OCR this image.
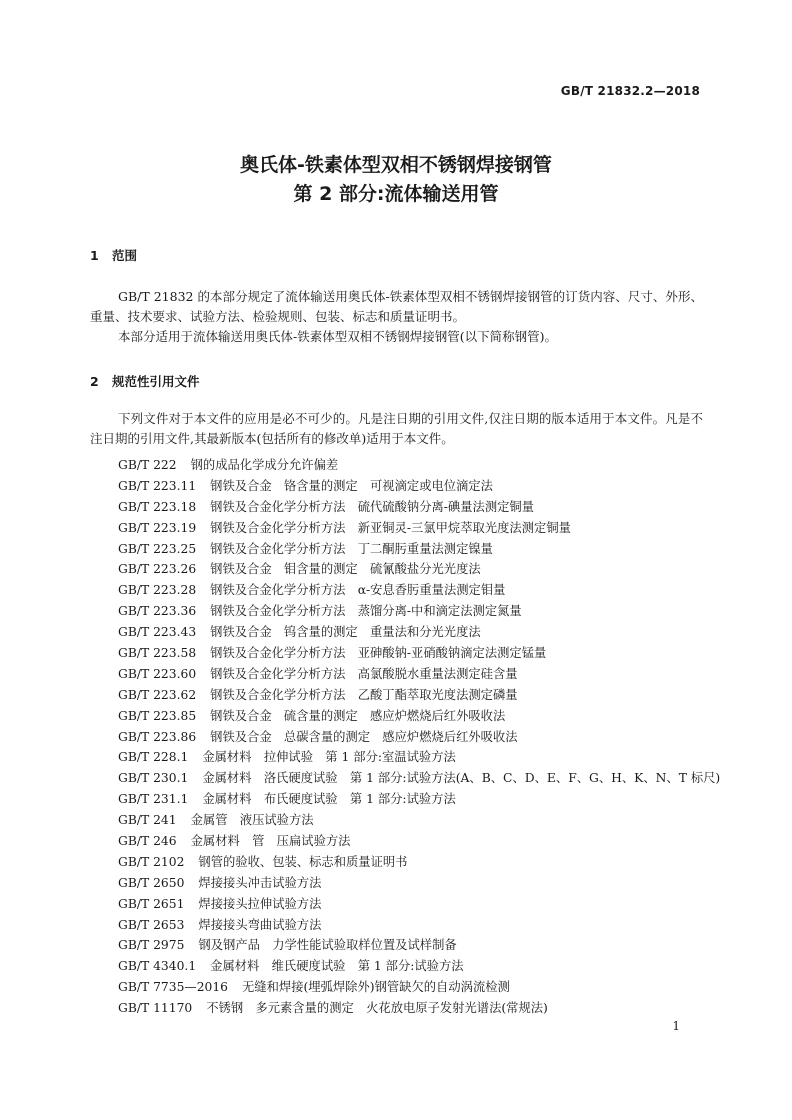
GB/T 21832.2—2018
奥氏体-铁素体型双相不锈钢焊接钢管
第 2 部分:流体输送用管
1 范围

GB/T 21832 的本部分规定了流体输送用奥氏体-铁素体型双相不锈钢焊接钢管的订货内容、尺寸、外形、重量、技术要求、试验方法、检验规则、包装、标志和质量证明书。

本部分适用于流体输送用奥氏体-铁素体型双相不锈钢焊接钢管(以下简称钢管)。

2 规范性引用文件

下列文件对于本文件的应用是必不可少的。凡是注日期的引用文件,仅注日期的版本适用于本文件。凡是不注日期的引用文件,其最新版本(包括所有的修改单)适用于本文件。

GB/T 222 钢的成品化学成分允许偏差
GB/T 223.11 钢铁及合金　铬含量的测定　可视滴定或电位滴定法
GB/T 223.18 钢铁及合金化学分析方法　硫代硫酸钠分离-碘量法测定铜量
GB/T 223.19 钢铁及合金化学分析方法　新亚铜灵-三氯甲烷萃取光度法测定铜量
GB/T 223.25 钢铁及合金化学分析方法　丁二酮肟重量法测定镍量
GB/T 223.26 钢铁及合金　钼含量的测定　硫氰酸盐分光光度法
GB/T 223.28 钢铁及合金化学分析方法　α-安息香肟重量法测定钼量
GB/T 223.36 钢铁及合金化学分析方法　蒸馏分离-中和滴定法测定氮量
GB/T 223.43 钢铁及合金　钨含量的测定　重量法和分光光度法
GB/T 223.58 钢铁及合金化学分析方法　亚砷酸钠-亚硝酸钠滴定法测定锰量
GB/T 223.60 钢铁及合金化学分析方法　高氯酸脱水重量法测定硅含量
GB/T 223.62 钢铁及合金化学分析方法　乙酸丁酯萃取光度法测定磷量
GB/T 223.85 钢铁及合金　硫含量的测定　感应炉燃烧后红外吸收法
GB/T 223.86 钢铁及合金　总碳含量的测定　感应炉燃烧后红外吸收法
GB/T 228.1 金属材料　拉伸试验　第 1 部分:室温试验方法
GB/T 230.1 金属材料　洛氏硬度试验　第 1 部分:试验方法(A、B、C、D、E、F、G、H、K、N、T 标尺)
GB/T 231.1 金属材料　布氏硬度试验　第 1 部分:试验方法
GB/T 241 金属管　液压试验方法
GB/T 246 金属材料　管　压扁试验方法
GB/T 2102 钢管的验收、包装、标志和质量证明书
GB/T 2650 焊接接头冲击试验方法
GB/T 2651 焊接接头拉伸试验方法
GB/T 2653 焊接接头弯曲试验方法
GB/T 2975 钢及钢产品　力学性能试验取样位置及试样制备
GB/T 4340.1 金属材料　维氏硬度试验　第 1 部分:试验方法
GB/T 7735—2016 无缝和焊接(埋弧焊除外)钢管缺欠的自动涡流检测
GB/T 11170 不锈钢　多元素含量的测定　火花放电原子发射光谱法(常规法)
1
